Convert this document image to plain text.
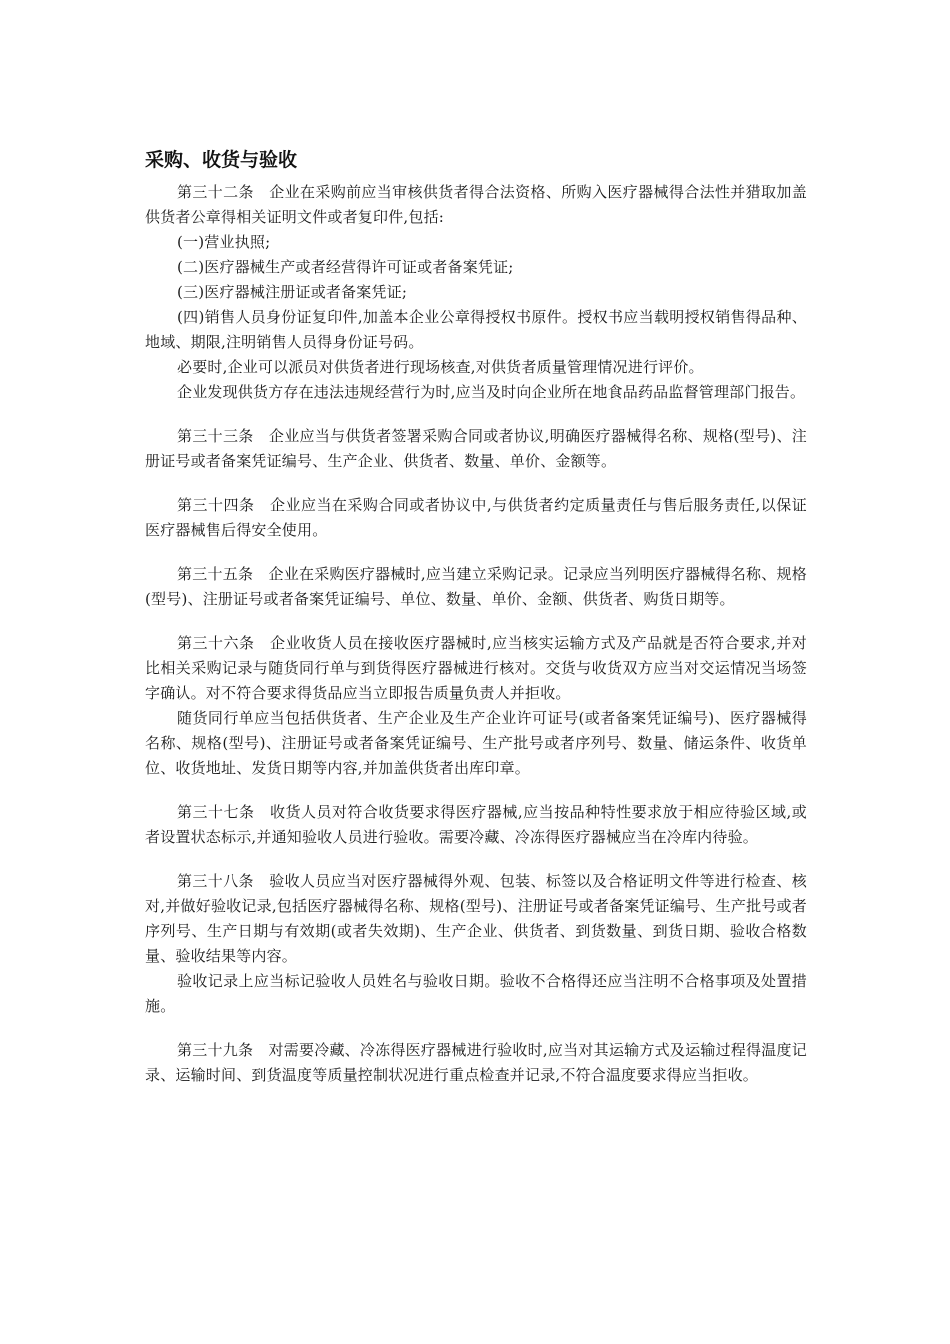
采购、收货与验收

第三十二条　企业在采购前应当审核供货者得合法资格、所购入医疗器械得合法性并猎取加盖供货者公章得相关证明文件或者复印件,包括:

(一)营业执照;

(二)医疗器械生产或者经营得许可证或者备案凭证;

(三)医疗器械注册证或者备案凭证;

(四)销售人员身份证复印件,加盖本企业公章得授权书原件。授权书应当载明授权销售得品种、地域、期限,注明销售人员得身份证号码。

必要时,企业可以派员对供货者进行现场核查,对供货者质量管理情况进行评价。

企业发现供货方存在违法违规经营行为时,应当及时向企业所在地食品药品监督管理部门报告。

第三十三条　企业应当与供货者签署采购合同或者协议,明确医疗器械得名称、规格(型号)、注册证号或者备案凭证编号、生产企业、供货者、数量、单价、金额等。

第三十四条　企业应当在采购合同或者协议中,与供货者约定质量责任与售后服务责任,以保证医疗器械售后得安全使用。

第三十五条　企业在采购医疗器械时,应当建立采购记录。记录应当列明医疗器械得名称、规格(型号)、注册证号或者备案凭证编号、单位、数量、单价、金额、供货者、购货日期等。

第三十六条　企业收货人员在接收医疗器械时,应当核实运输方式及产品就是否符合要求,并对比相关采购记录与随货同行单与到货得医疗器械进行核对。交货与收货双方应当对交运情况当场签字确认。对不符合要求得货品应当立即报告质量负责人并拒收。

随货同行单应当包括供货者、生产企业及生产企业许可证号(或者备案凭证编号)、医疗器械得名称、规格(型号)、注册证号或者备案凭证编号、生产批号或者序列号、数量、储运条件、收货单位、收货地址、发货日期等内容,并加盖供货者出库印章。

第三十七条　收货人员对符合收货要求得医疗器械,应当按品种特性要求放于相应待验区域,或者设置状态标示,并通知验收人员进行验收。需要冷藏、冷冻得医疗器械应当在冷库内待验。

第三十八条　验收人员应当对医疗器械得外观、包装、标签以及合格证明文件等进行检查、核对,并做好验收记录,包括医疗器械得名称、规格(型号)、注册证号或者备案凭证编号、生产批号或者序列号、生产日期与有效期(或者失效期)、生产企业、供货者、到货数量、到货日期、验收合格数量、验收结果等内容。

验收记录上应当标记验收人员姓名与验收日期。验收不合格得还应当注明不合格事项及处置措施。

第三十九条　对需要冷藏、冷冻得医疗器械进行验收时,应当对其运输方式及运输过程得温度记录、运输时间、到货温度等质量控制状况进行重点检查并记录,不符合温度要求得应当拒收。
